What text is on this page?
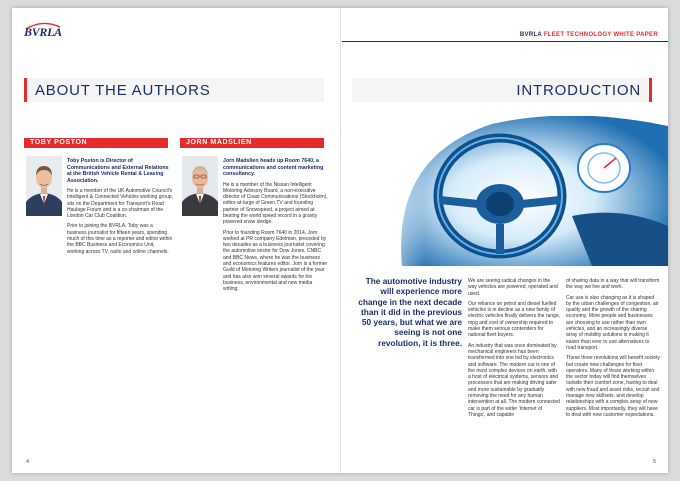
BVRLA	BVRLA FLEET TECHNOLOGY WHITE PAPER
ABOUT THE AUTHORS
TOBY POSTON	JORN MADSLIEN
Toby Poston is Director of Communications and External Relations at the British Vehicle Rental & Leasing Association.

He is a member of the UK Automotive Council's Intelligent & Connected Vehicles working group, sits on the Department for Transport's Road Haulage Forum and is a co-chairman of the London Car Club Coalition.

Prior to joining the BVRLA, Toby was a business journalist for fifteen years, spending much of this time as a reporter and editor within the BBC Business and Economics Unit, working across TV, radio and online channels.

Jorn Madslien heads up Room 7640, a communications and content marketing consultancy.

He is a member of the Nissan Intelligent Motoring Advisory Board, a non-executive director of Coast Communications (Stockholm), editor-at-large of Green.TV and founding partner of Snowspeed, a project aimed at beating the world speed record in a gravity powered snow sledge.

Prior to founding Room 7640 in 2014, Jorn worked at PR company Edelman, preceded by two decades as a business journalist covering the automotive sector for Dow Jones, CNBC and BBC News, where he was the business and economics features editor. Jorn is a former Guild of Motoring Writers journalist of the year and has also won several awards for his business, environmental and new media writing.

4
INTRODUCTION
The automotive industry will experience more change in the next decade than it did in the previous 50 years, but what we are seeing is not one revolution, it is three.

We are seeing radical changes in the way vehicles are powered, operated and used.

Our reliance on petrol and diesel fuelled vehicles is in decline as a new family of electric vehicles finally delivers the range, mpg and cost of ownership required to make them serious contenders for national fleet buyers.

An industry that was once dominated by mechanical engineers has been transformed into one led by electronics and software. The modern car is one of the most complex devices on earth, with a host of electrical systems, sensors and processors that are making driving safer and more sustainable by gradually removing the need for any human intervention at all. The modern connected car is part of the wider 'Internet of Things', and capable

of sharing data in a way that will transform the way we live and work.

Car use is also changing as it is shaped by the urban challenges of congestion, air quality and the growth of the sharing economy. More people and businesses are choosing to use rather than own vehicles, and an increasingly diverse array of mobility solutions is making it easier than ever to use alternatives to road transport.

These three revolutions will benefit society but create new challenges for fleet operators. Many of those working within the sector today will find themselves outside their comfort zone, having to deal with new fraud and asset risks, recruit and manage new skillsets, and develop relationships with a complex array of new suppliers. Most importantly, they will have to deal with new customer expectations.

5
